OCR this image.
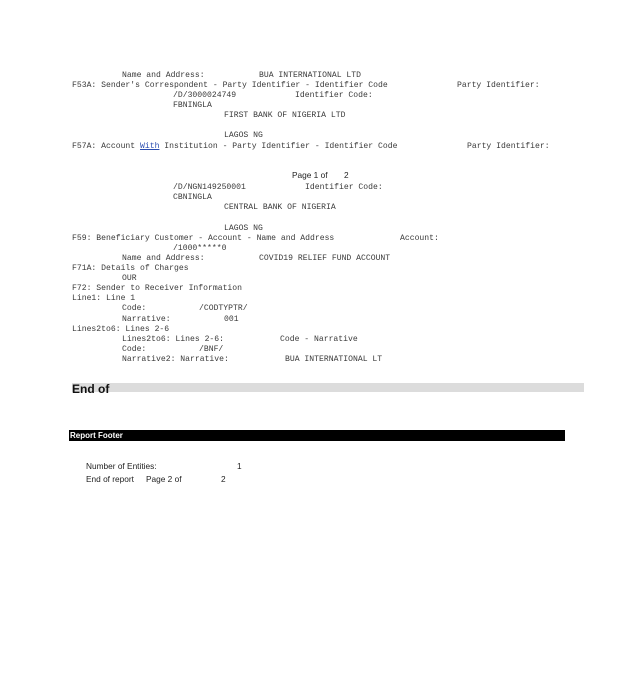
Name and Address:	BUA INTERNATIONAL LTD
F53A: Sender's Correspondent - Party Identifier - Identifier Code	Party Identifier:
/D/3000024749	Identifier Code:
FBNINGLA
FIRST BANK OF NIGERIA LTD
LAGOS NG
F57A: Account With Institution - Party Identifier - Identifier Code	Party Identifier:
Page 1 of 2
/D/NGN149250001	Identifier Code:
CBNINGLA
CENTRAL BANK OF NIGERIA
LAGOS NG
F59: Beneficiary Customer - Account - Name and Address	Account:
/1000*****0
Name and Address:	COVID19 RELIEF FUND ACCOUNT
F71A: Details of Charges
OUR
F72: Sender to Receiver Information
Line1: Line 1
Code:	/CODTYPTR/
Narrative:	001
Lines2to6: Lines 2-6
Lines2to6: Lines 2-6:	Code - Narrative
Code:	/BNF/
Narrative2: Narrative:	BUA INTERNATIONAL LT
End of
Report Footer
Number of Entities:	1
End of report Page 2 of	2
